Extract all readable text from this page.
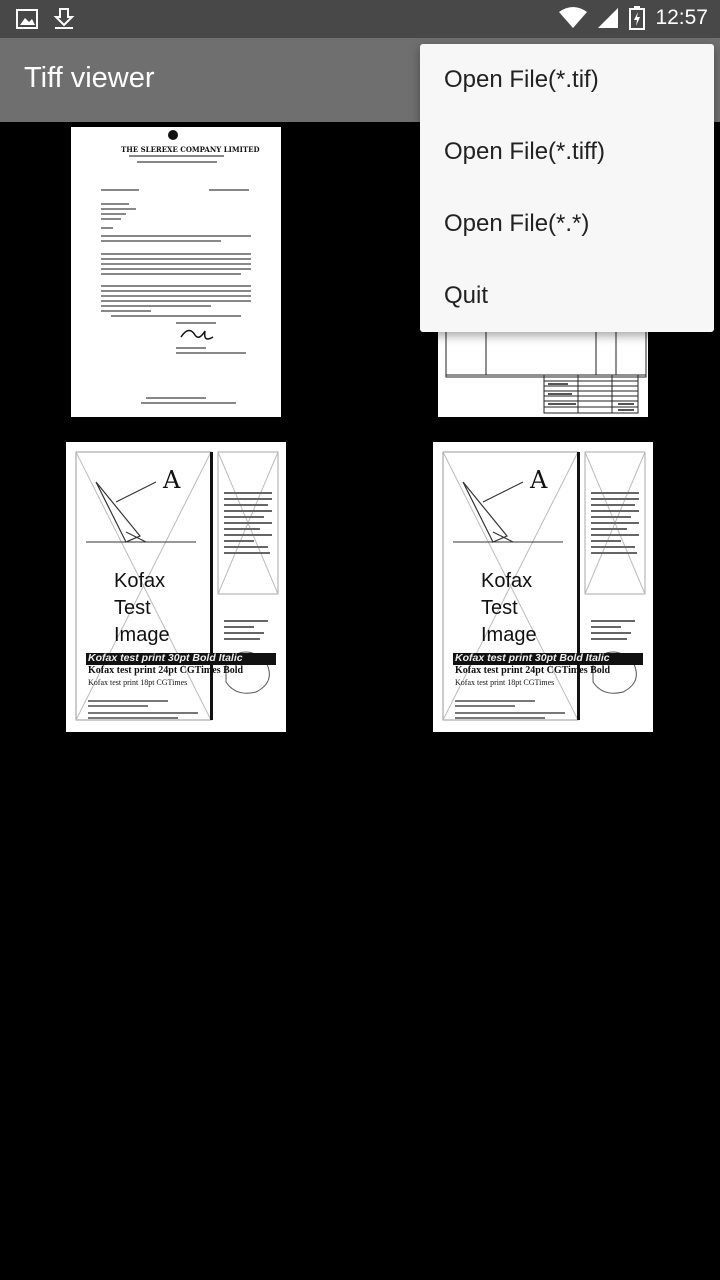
12:57
Tiff viewer
THE SLEREXE COMPANY LIMITED
A
Kofax
Test
Image
Kofax test print 30pt Bold Italic
Kofax test print 24pt CGTimes Bold
Kofax test print 18pt CGTimes
A
Kofax
Test
Image
Kofax test print 30pt Bold Italic
Kofax test print 24pt CGTimes Bold
Kofax test print 18pt CGTimes
Open File(*.tif)
Open File(*.tiff)
Open File(*.*)
Quit
